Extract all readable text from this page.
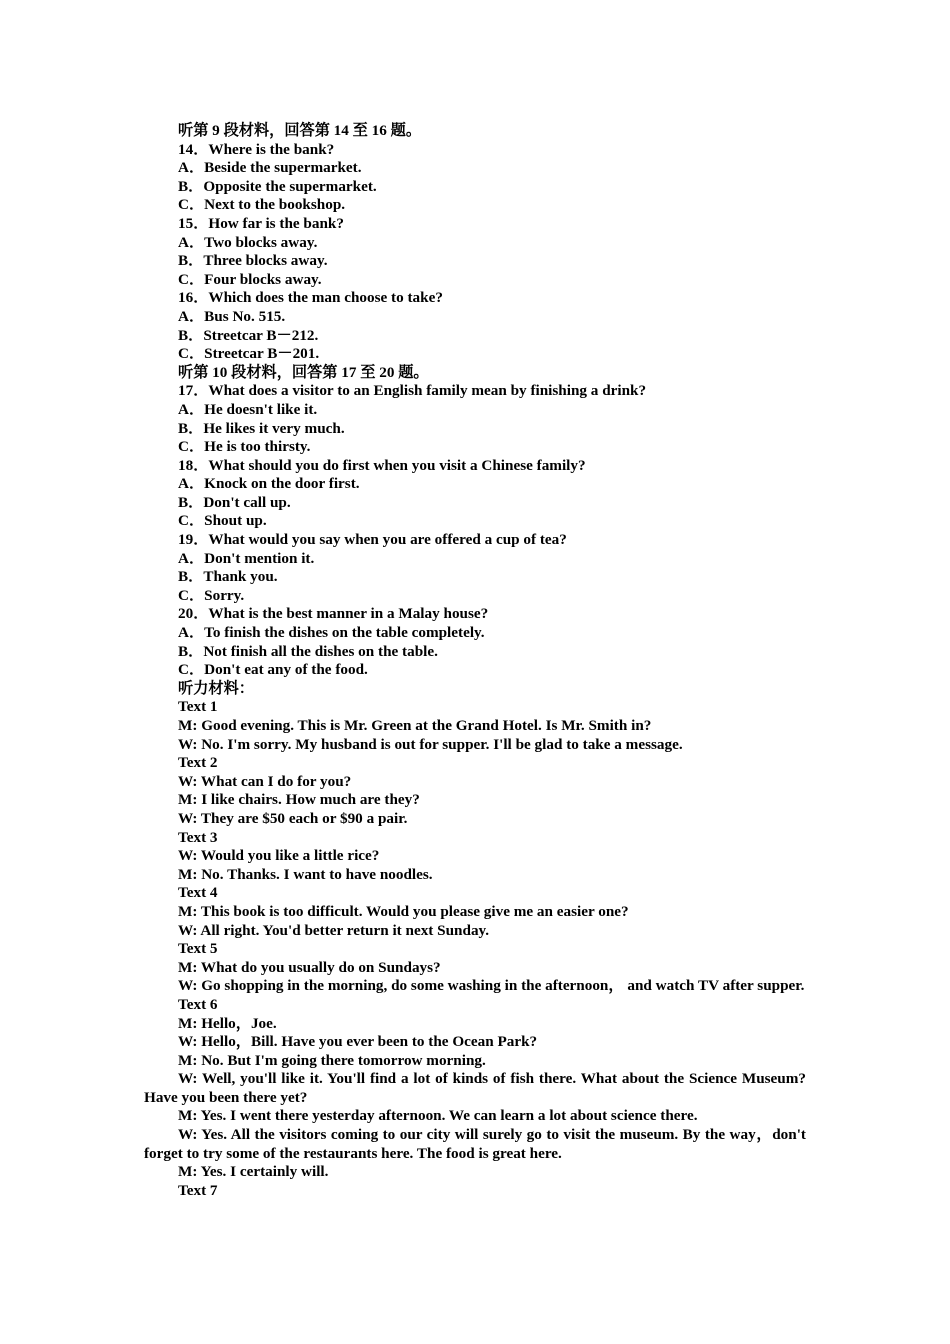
听第 9 段材料，回答第 14 至 16 题。
14．Where is the bank?
A．Beside the supermarket.
B．Opposite the supermarket.
C．Next to the bookshop.
15．How far is the bank?
A．Two blocks away.
B．Three blocks away.
C．Four blocks away.
16．Which does the man choose to take?
A．Bus No. 515.
B．Streetcar B－212.
C．Streetcar B－201.
听第 10 段材料，回答第 17 至 20 题。
17．What does a visitor to an English family mean by finishing a drink?
A．He doesn't like it.
B．He likes it very much.
C．He is too thirsty.
18．What should you do first when you visit a Chinese family?
A．Knock on the door first.
B．Don't call up.
C．Shout up.
19．What would you say when you are offered a cup of tea?
A．Don't mention it.
B．Thank you.
C．Sorry.
20．What is the best manner in a Malay house?
A．To finish the dishes on the table completely.
B．Not finish all the dishes on the table.
C．Don't eat any of the food.
听力材料：
Text 1
M: Good evening. This is Mr. Green at the Grand Hotel. Is Mr. Smith in?
W: No. I'm sorry. My husband is out for supper. I'll be glad to take a message.
Text 2
W: What can I do for you?
M: I like chairs. How much are they?
W: They are $50 each or $90 a pair.
Text 3
W: Would you like a little rice?
M: No. Thanks. I want to have noodles.
Text 4
M: This book is too difficult. Would you please give me an easier one?
W: All right. You'd better return it next Sunday.
Text 5
M: What do you usually do on Sundays?
W: Go shopping in the morning, do some washing in the afternoon， and watch TV after supper.
Text 6
M: Hello，Joe.
W: Hello，Bill. Have you ever been to the Ocean Park?
M: No. But I'm going there tomorrow morning.
W: Well, you'll like it. You'll find a lot of kinds of fish there. What about the Science Museum? Have you been there yet?
M: Yes. I went there yesterday afternoon. We can learn a lot about science there.
W: Yes. All the visitors coming to our city will surely go to visit the museum. By the way，don't forget to try some of the restaurants here. The food is great here.
M: Yes. I certainly will.
Text 7
